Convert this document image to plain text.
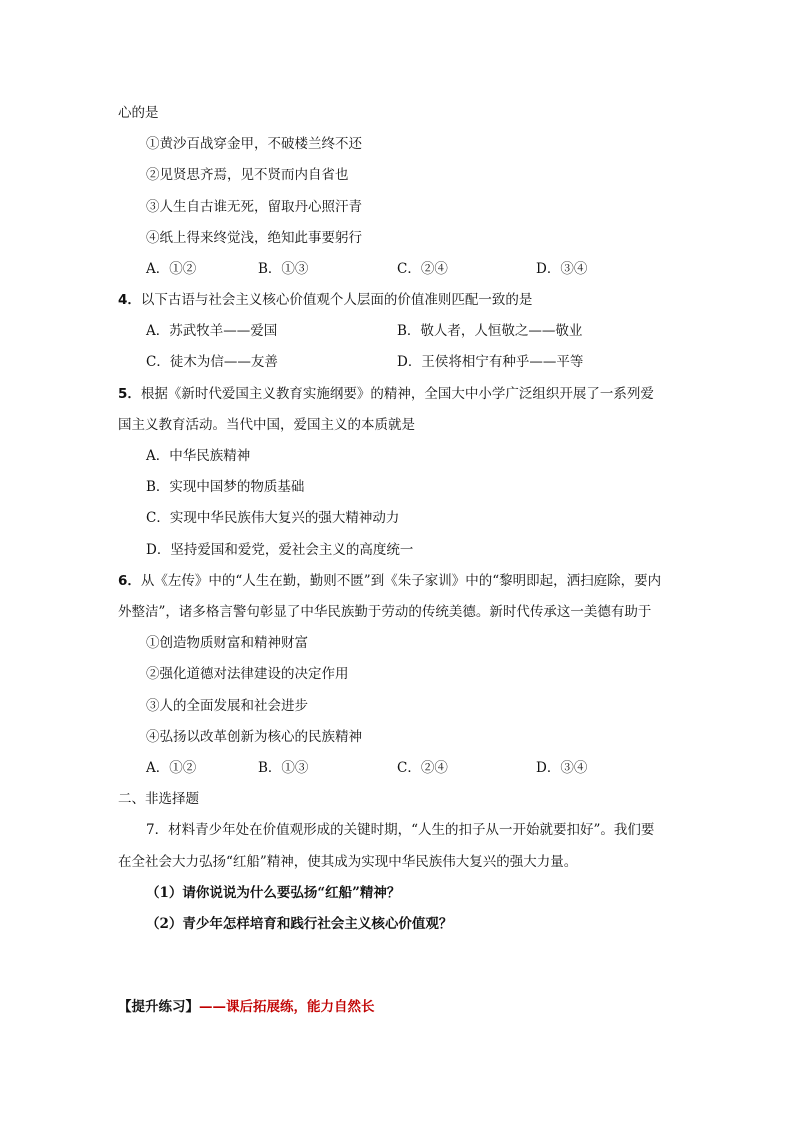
心的是
①黄沙百战穿金甲，不破楼兰终不还
②见贤思齐焉，见不贤而内自省也
③人生自古谁无死，留取丹心照汗青
④纸上得来终觉浅，绝知此事要躬行
A．①②	B．①③	C．②④	D．③④
4．以下古语与社会主义核心价值观个人层面的价值准则匹配一致的是
A．苏武牧羊——爱国	B．敬人者，人恒敬之——敬业
C．徒木为信——友善	D．王侯将相宁有种乎——平等
5．根据《新时代爱国主义教育实施纲要》的精神，全国大中小学广泛组织开展了一系列爱
国主义教育活动。当代中国，爱国主义的本质就是
A．中华民族精神
B．实现中国梦的物质基础
C．实现中华民族伟大复兴的强大精神动力
D．坚持爱国和爱党，爱社会主义的高度统一
6．从《左传》中的“人生在勤，勤则不匮”到《朱子家训》中的“黎明即起，洒扫庭除，要内
外整洁”，诸多格言警句彰显了中华民族勤于劳动的传统美德。新时代传承这一美德有助于
①创造物质财富和精神财富
②强化道德对法律建设的决定作用
③人的全面发展和社会进步
④弘扬以改革创新为核心的民族精神
A．①②	B．①③	C．②④	D．③④
二、非选择题
7．材料青少年处在价值观形成的关键时期，“人生的扣子从一开始就要扣好”。我们要
在全社会大力弘扬“红船”精神，使其成为实现中华民族伟大复兴的强大力量。
（1）请你说说为什么要弘扬“红船”精神？
（2）青少年怎样培育和践行社会主义核心价值观？
【提升练习】——课后拓展练，能力自然长
